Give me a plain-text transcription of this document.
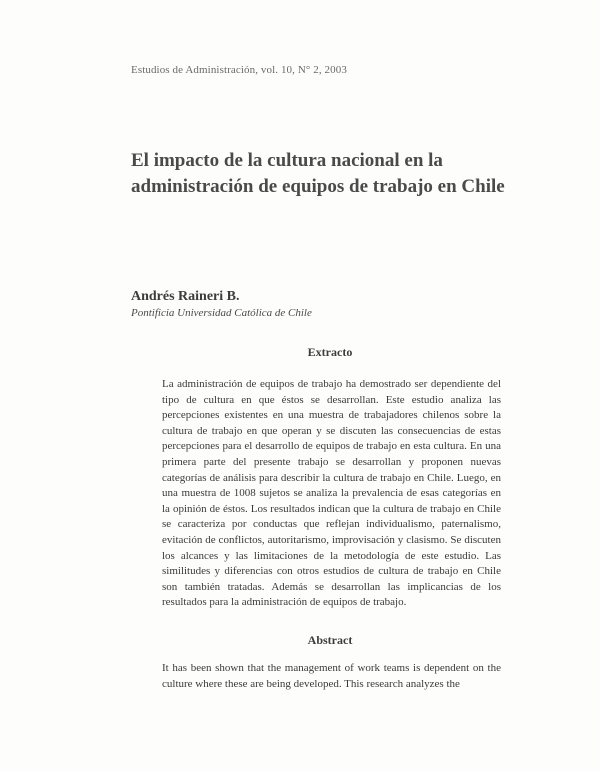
Estudios de Administración, vol. 10, N° 2, 2003
El impacto de la cultura nacional en la administración de equipos de trabajo en Chile
Andrés Raineri B.
Pontificia Universidad Católica de Chile
Extracto

La administración de equipos de trabajo ha demostrado ser dependiente del tipo de cultura en que éstos se desarrollan. Este estudio analiza las percepciones existentes en una muestra de trabajadores chilenos sobre la cultura de trabajo en que operan y se discuten las consecuencias de estas percepciones para el desarrollo de equipos de trabajo en esta cultura. En una primera parte del presente trabajo se desarrollan y proponen nuevas categorías de análisis para describir la cultura de trabajo en Chile. Luego, en una muestra de 1008 sujetos se analiza la prevalencia de esas categorías en la opinión de éstos. Los resultados indican que la cultura de trabajo en Chile se caracteriza por conductas que reflejan individualismo, paternalismo, evitación de conflictos, autoritarismo, improvisación y clasismo. Se discuten los alcances y las limitaciones de la metodología de este estudio. Las similitudes y diferencias con otros estudios de cultura de trabajo en Chile son también tratadas. Además se desarrollan las implicancias de los resultados para la administración de equipos de trabajo.

Abstract

It has been shown that the management of work teams is dependent on the culture where these are being developed. This research analyzes the
